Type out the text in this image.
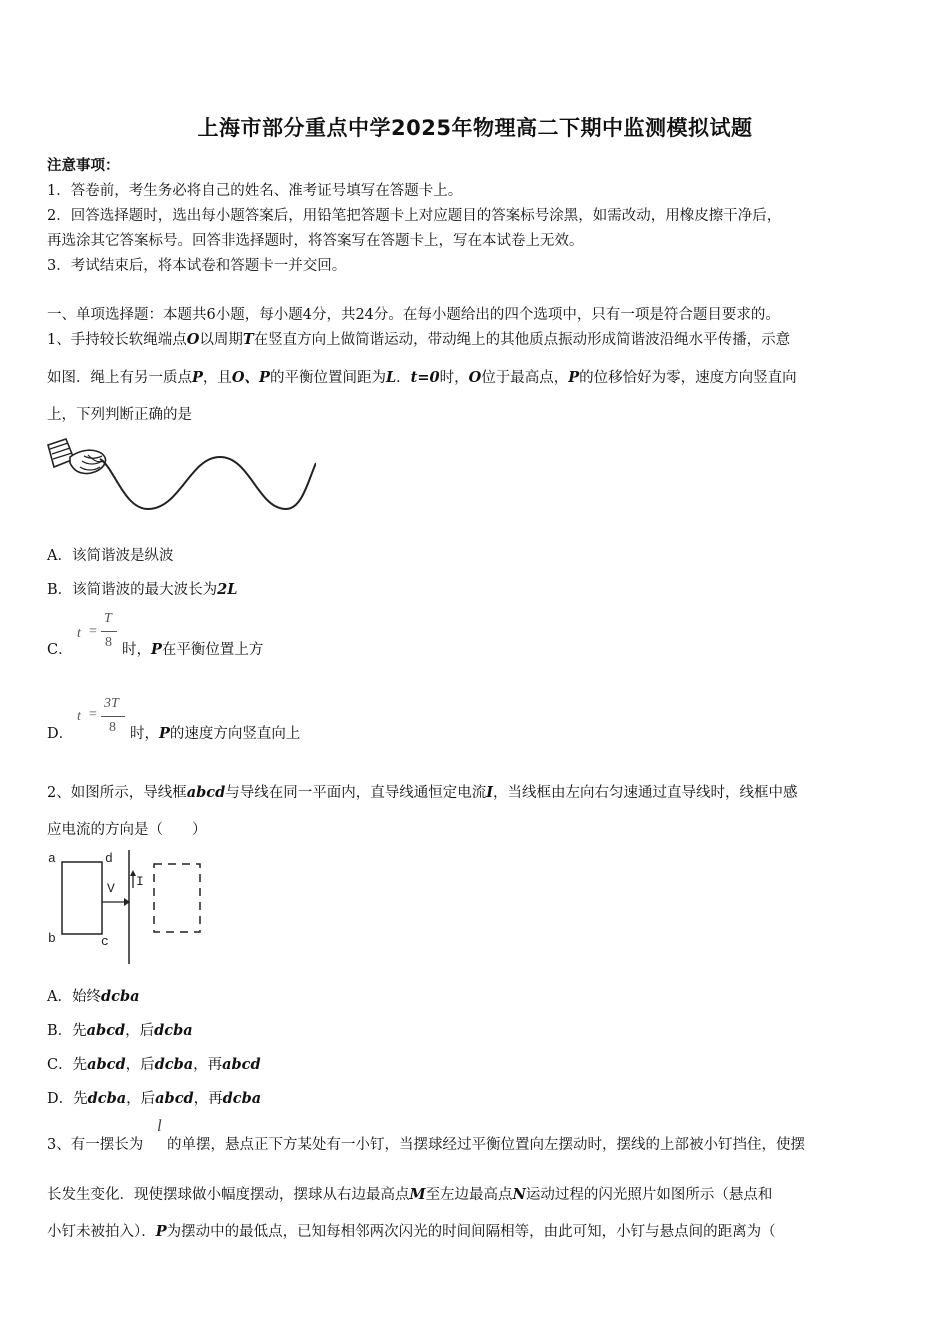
上海市部分重点中学2025年物理高二下期中监测模拟试题
注意事项：
1．答卷前，考生务必将自己的姓名、准考证号填写在答题卡上。
2．回答选择题时，选出每小题答案后，用铅笔把答题卡上对应题目的答案标号涂黑，如需改动，用橡皮擦干净后，
再选涂其它答案标号。回答非选择题时，将答案写在答题卡上，写在本试卷上无效。
3．考试结束后，将本试卷和答题卡一并交回。
一、单项选择题：本题共6小题，每小题4分，共24分。在每小题给出的四个选项中，只有一项是符合题目要求的。
1、手持较长软绳端点O以周期T在竖直方向上做简谐运动，带动绳上的其他质点振动形成简谐波沿绳水平传播，示意
如图．绳上有另一质点P，且O、P的平衡位置间距为L．t=0时，O位于最高点，P的位移恰好为零，速度方向竖直向
上，下列判断正确的是
A．该简谐波是纵波
B．该简谐波的最大波长为2L
C．
t =
T
8 时，P在平衡位置上方
D．
t =
3T
8 时，P的速度方向竖直向上
2、如图所示，导线框abcd与导线在同一平面内，直导线通恒定电流I，当线框由左向右匀速通过直导线时，线框中感
应电流的方向是（　　）
a
b	c
d
V I
A．始终dcba
B．先abcd，后dcba
C．先abcd，后dcba，再abcd
D．先dcba，后abcd，再dcba
3、有一摆长为
l
的单摆，悬点正下方某处有一小钉，当摆球经过平衡位置向左摆动时，摆线的上部被小钉挡住，使摆
长发生变化．现使摆球做小幅度摆动，摆球从右边最高点M至左边最高点N运动过程的闪光照片如图所示（悬点和
小钉未被拍入）．P为摆动中的最低点，已知每相邻两次闪光的时间间隔相等，由此可知，小钉与悬点间的距离为（
